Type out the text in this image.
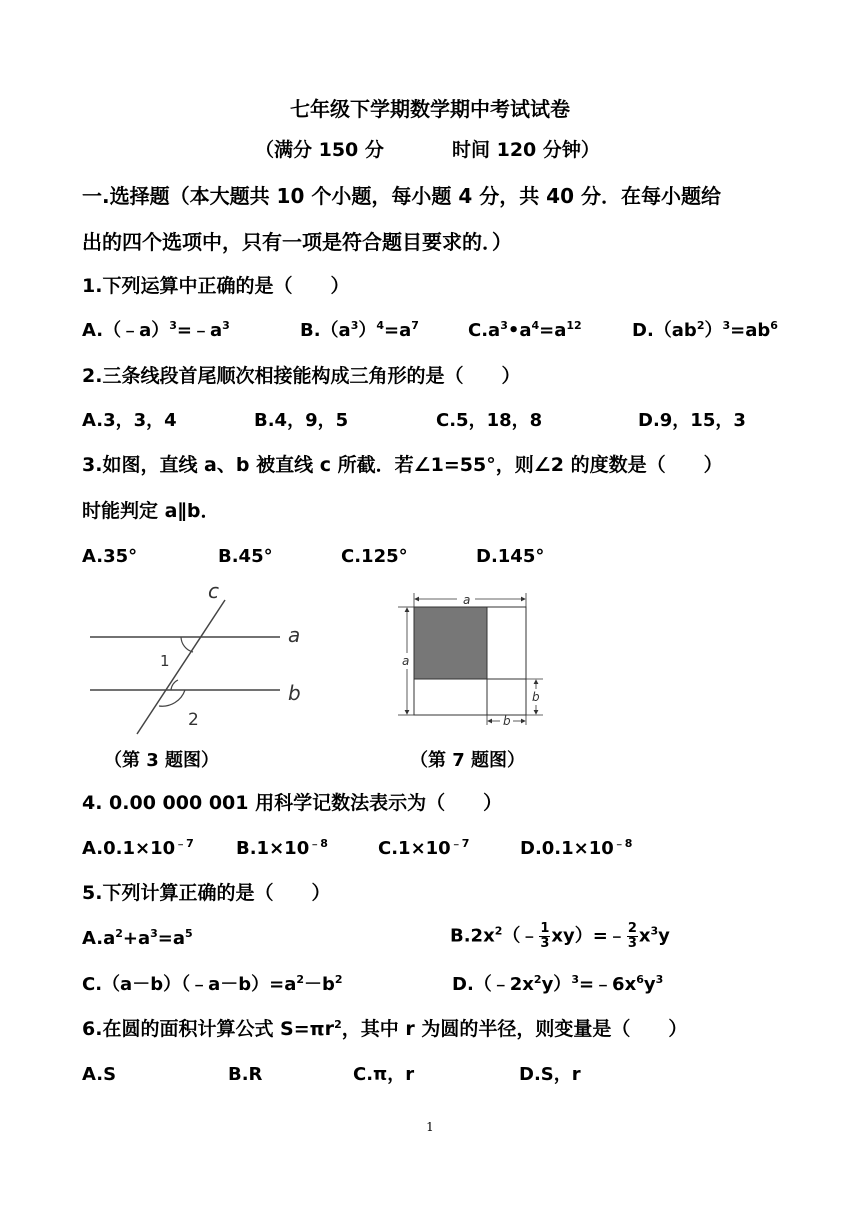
七年级下学期数学期中考试试卷
（满分 150 分	时间 120 分钟）
一.选择题（本大题共 10 个小题，每小题 4 分，共 40 分．在每小题给
出的四个选项中，只有一项是符合题目要求的．）
1.下列运算中正确的是（　　）
$A.(﹣a)^3=﹣a^3$	$B.(a^3)^4=a^7$	$C.a^3•a^4=a^{12}$	$D.(ab^2)^3=ab^6$
2.三条线段首尾顺次相接能构成三角形的是（　　）
A.3，3，4	B.4，9，5	C.5，18，8	D.9，15，3
3.如图，直线 a、b 被直线 c 所截．若∠1=55°，则∠2 的度数是（　　）
时能判定 a∥b．
A.35°	B.45°	C.125°	D.145°
c
a
b
1
2
a
a
b
b
（第 3 题图）	（第 7 题图）
4. 0.00 000 001 用科学记数法表示为（　　）
$A.0.1\times 10^{﹣7}$ $B.1\times 10^{﹣8}$	$C.1\times 10^{﹣7}$	$D.0.1\times 10^{﹣8}$
5.下列计算正确的是（　　）
$A.a^2+a^3=a^5$	$B.2x^2(﹣ \frac{1}{3}$ xy）=﹣ $\frac{2}{3} x^3y$
$C.(a-b)(﹣a-b)=a^2-b^2$	$D.(﹣2x^2y)^3=﹣6x^6y^3$
6.在圆的面积计算公式 $S=\pi r^2$，其中 r 为圆的半径，则变量是（　　）
A.S	B.R	C.π，r	D.S，r
1
